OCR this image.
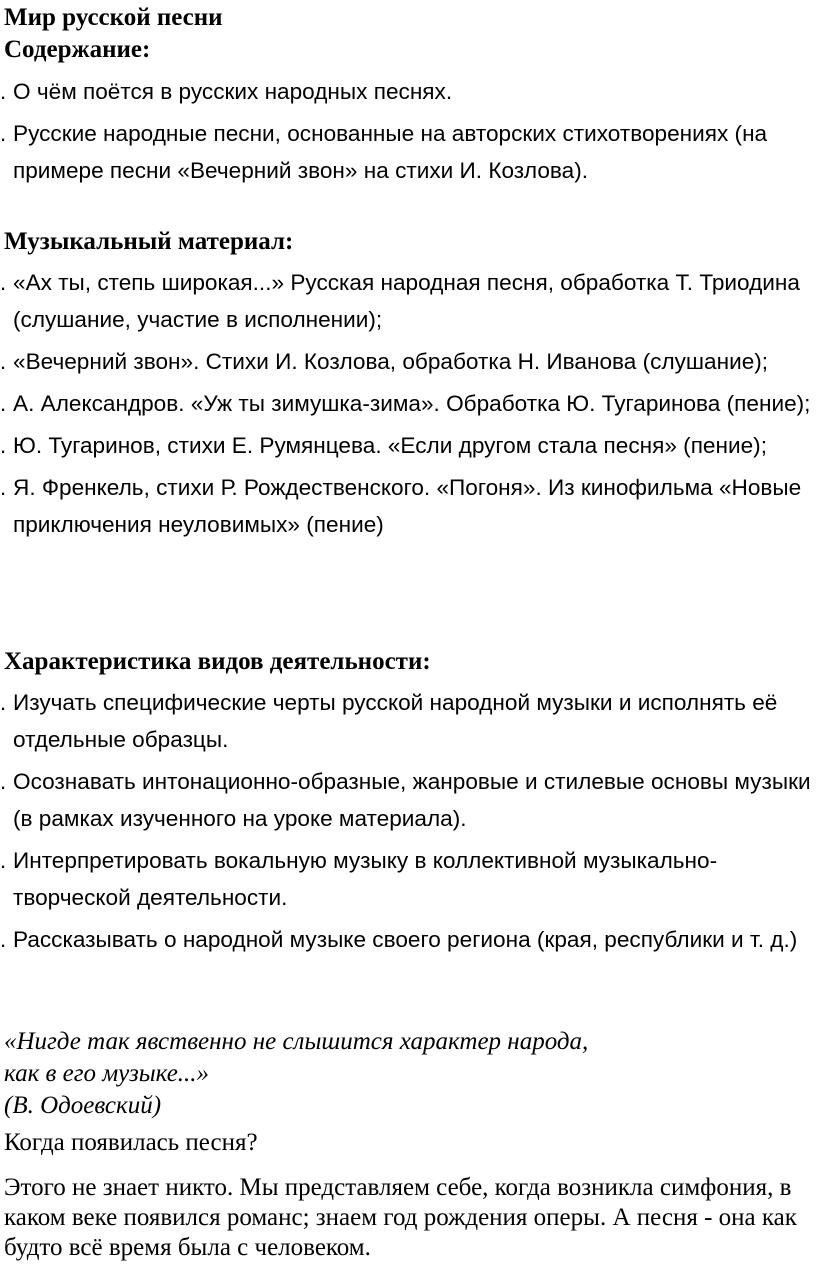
Мир русской песни
Содержание:
. О чём поётся в русских народных песнях.
. Русские народные песни, основанные на авторских стихотворениях (на примере песни «Вечерний звон» на стихи И. Козлова).
Музыкальный материал:
. «Ах ты, степь широкая...» Русская народная песня, обработка Т. Триодина (слушание, участие в исполнении);
. «Вечерний звон». Стихи И. Козлова, обработка Н. Иванова (слушание);
. А. Александров. «Уж ты зимушка-зима». Обработка Ю. Тугаринова (пение);
. Ю. Тугаринов, стихи Е. Румянцева. «Если другом стала песня» (пение);
. Я. Френкель, стихи Р. Рождественского. «Погоня». Из кинофильма «Новые приключения неуловимых» (пение)
Характеристика видов деятельности:
. Изучать специфические черты русской народной музыки и исполнять её отдельные образцы.
. Осознавать интонационно-образные, жанровые и стилевые основы музыки (в рамках изученного на уроке материала).
. Интерпретировать вокальную музыку в коллективной музыкально-творческой деятельности.
. Рассказывать о народной музыке своего региона (края, республики и т. д.)
«Нигде так явственно не слышится характер народа,
как в его музыке...»
(В. Одоевский)
Когда появилась песня?
Этого не знает никто. Мы представляем себе, когда возникла симфония, в каком веке появился романс; знаем год рождения оперы. А песня - она как будто всё время была с человеком.
